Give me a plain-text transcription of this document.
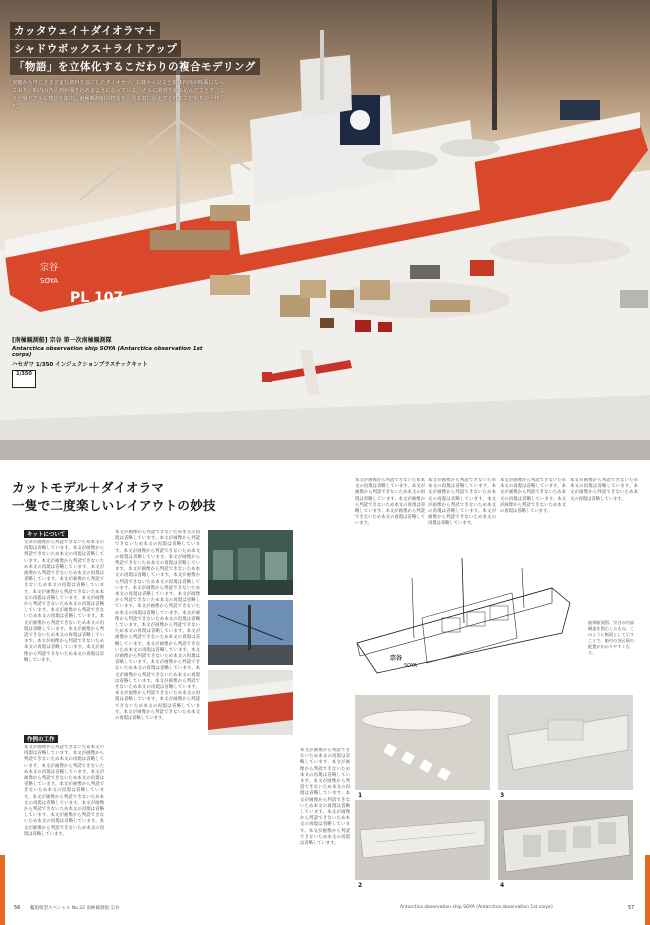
宗谷
SOYA
PL 107
カッタウェイ＋ダイオラマ＋
シャドウボックス＋ライトアップ
「物語」を立体化するこだわりの複合モデリング
実艦から得たさまざまな資料を基にしたダイオラマ。右側から見ると船体内部が断面になっており、船内の各区画が覗き込めるようになっている。さらに照明を組み込んだことで、より一層リアルな情景を演出。南極観測船の物語を、見る者に伝えてくれるこだわりの一作だ。
[南極観測船] 宗谷 第一次南極観測隊
Antarctica observation ship SOYA (Antarctica observation 1st corps)
ハセガワ 1/350 インジェクションプラスチックキット
1/350
カットモデル＋ダイオラマ
一隻で二度楽しいレイアウトの妙技
キットについて
文章が画像から判読できないため本文の再現は省略しています。本文が画像から判読できないため本文の再現は省略しています。本文が画像から判読できないため本文の再現は省略しています。本文が画像から判読できないため本文の再現は省略しています。本文が画像から判読できないため本文の再現は省略しています。本文が画像から判読できないため本文の再現は省略しています。本文が画像から判読できないため本文の再現は省略しています。本文が画像から判読できないため本文の再現は省略しています。本文が画像から判読できないため本文の再現は省略しています。本文が画像から判読できないため本文の再現は省略しています。本文が画像から判読できないため本文の再現は省略しています。本文が画像から判読できないため本文の再現は省略しています。
作例の工作
本文が画像から判読できないため本文の再現は省略しています。本文が画像から判読できないため本文の再現は省略しています。本文が画像から判読できないため本文の再現は省略しています。本文が画像から判読できないため本文の再現は省略しています。本文が画像から判読できないため本文の再現は省略しています。本文が画像から判読できないため本文の再現は省略しています。本文が画像から判読できないため本文の再現は省略しています。本文が画像から判読できないため本文の再現は省略しています。本文が画像から判読できないため本文の再現は省略しています。
本文が画像から判読できないため本文の再現は省略しています。本文が画像から判読できないため本文の再現は省略しています。本文が画像から判読できないため本文の再現は省略しています。本文が画像から判読できないため本文の再現は省略しています。本文が画像から判読できないため本文の再現は省略しています。本文が画像から判読できないため本文の再現は省略しています。本文が画像から判読できないため本文の再現は省略しています。本文が画像から判読できないため本文の再現は省略しています。本文が画像から判読できないため本文の再現は省略しています。本文が画像から判読できないため本文の再現は省略しています。本文が画像から判読できないため本文の再現は省略しています。本文が画像から判読できないため本文の再現は省略しています。本文が画像から判読できないため本文の再現は省略しています。本文が画像から判読できないため本文の再現は省略しています。本文が画像から判読できないため本文の再現は省略しています。本文が画像から判読できないため本文の再現は省略しています。本文が画像から判読できないため本文の再現は省略しています。本文が画像から判読できないため本文の再現は省略しています。本文が画像から判読できないため本文の再現は省略しています。本文が画像から判読できないため本文の再現は省略しています。
本文が画像から判読できないため本文の再現は省略しています。本文が画像から判読できないため本文の再現は省略しています。本文が画像から判読できないため本文の再現は省略しています。本文が画像から判読できないため本文の再現は省略しています。
本文が画像から判読できないため本文の再現は省略しています。本文が画像から判読できないため本文の再現は省略しています。本文が画像から判読できないため本文の再現は省略しています。本文が画像から判読できないため本文の再現は省略しています。
本文が画像から判読できないため本文の再現は省略しています。本文が画像から判読できないため本文の再現は省略しています。本文が画像から判読できないため本文の再現は省略しています。
本文が画像から判読できないため本文の再現は省略しています。本文が画像から判読できないため本文の再現は省略しています。
宗谷
SOYA
船体断面図。宗谷の内部構造を図示したもの。このように断面として示すことで、船内の各区画の配置がわかりやすくなる。
1
2
3
4
本文が画像から判読できないため本文の再現は省略しています。本文が画像から判読できないため本文の再現は省略しています。本文が画像から判読できないため本文の再現は省略しています。本文が画像から判読できないため本文の再現は省略しています。本文が画像から判読できないため本文の再現は省略しています。本文が画像から判読できないため本文の再現は省略しています。
56 艦船模型スペシャル No.32 南極観測船 宗谷	Antarctica observation ship SOYA (Antarctica observation 1st corps)	57
